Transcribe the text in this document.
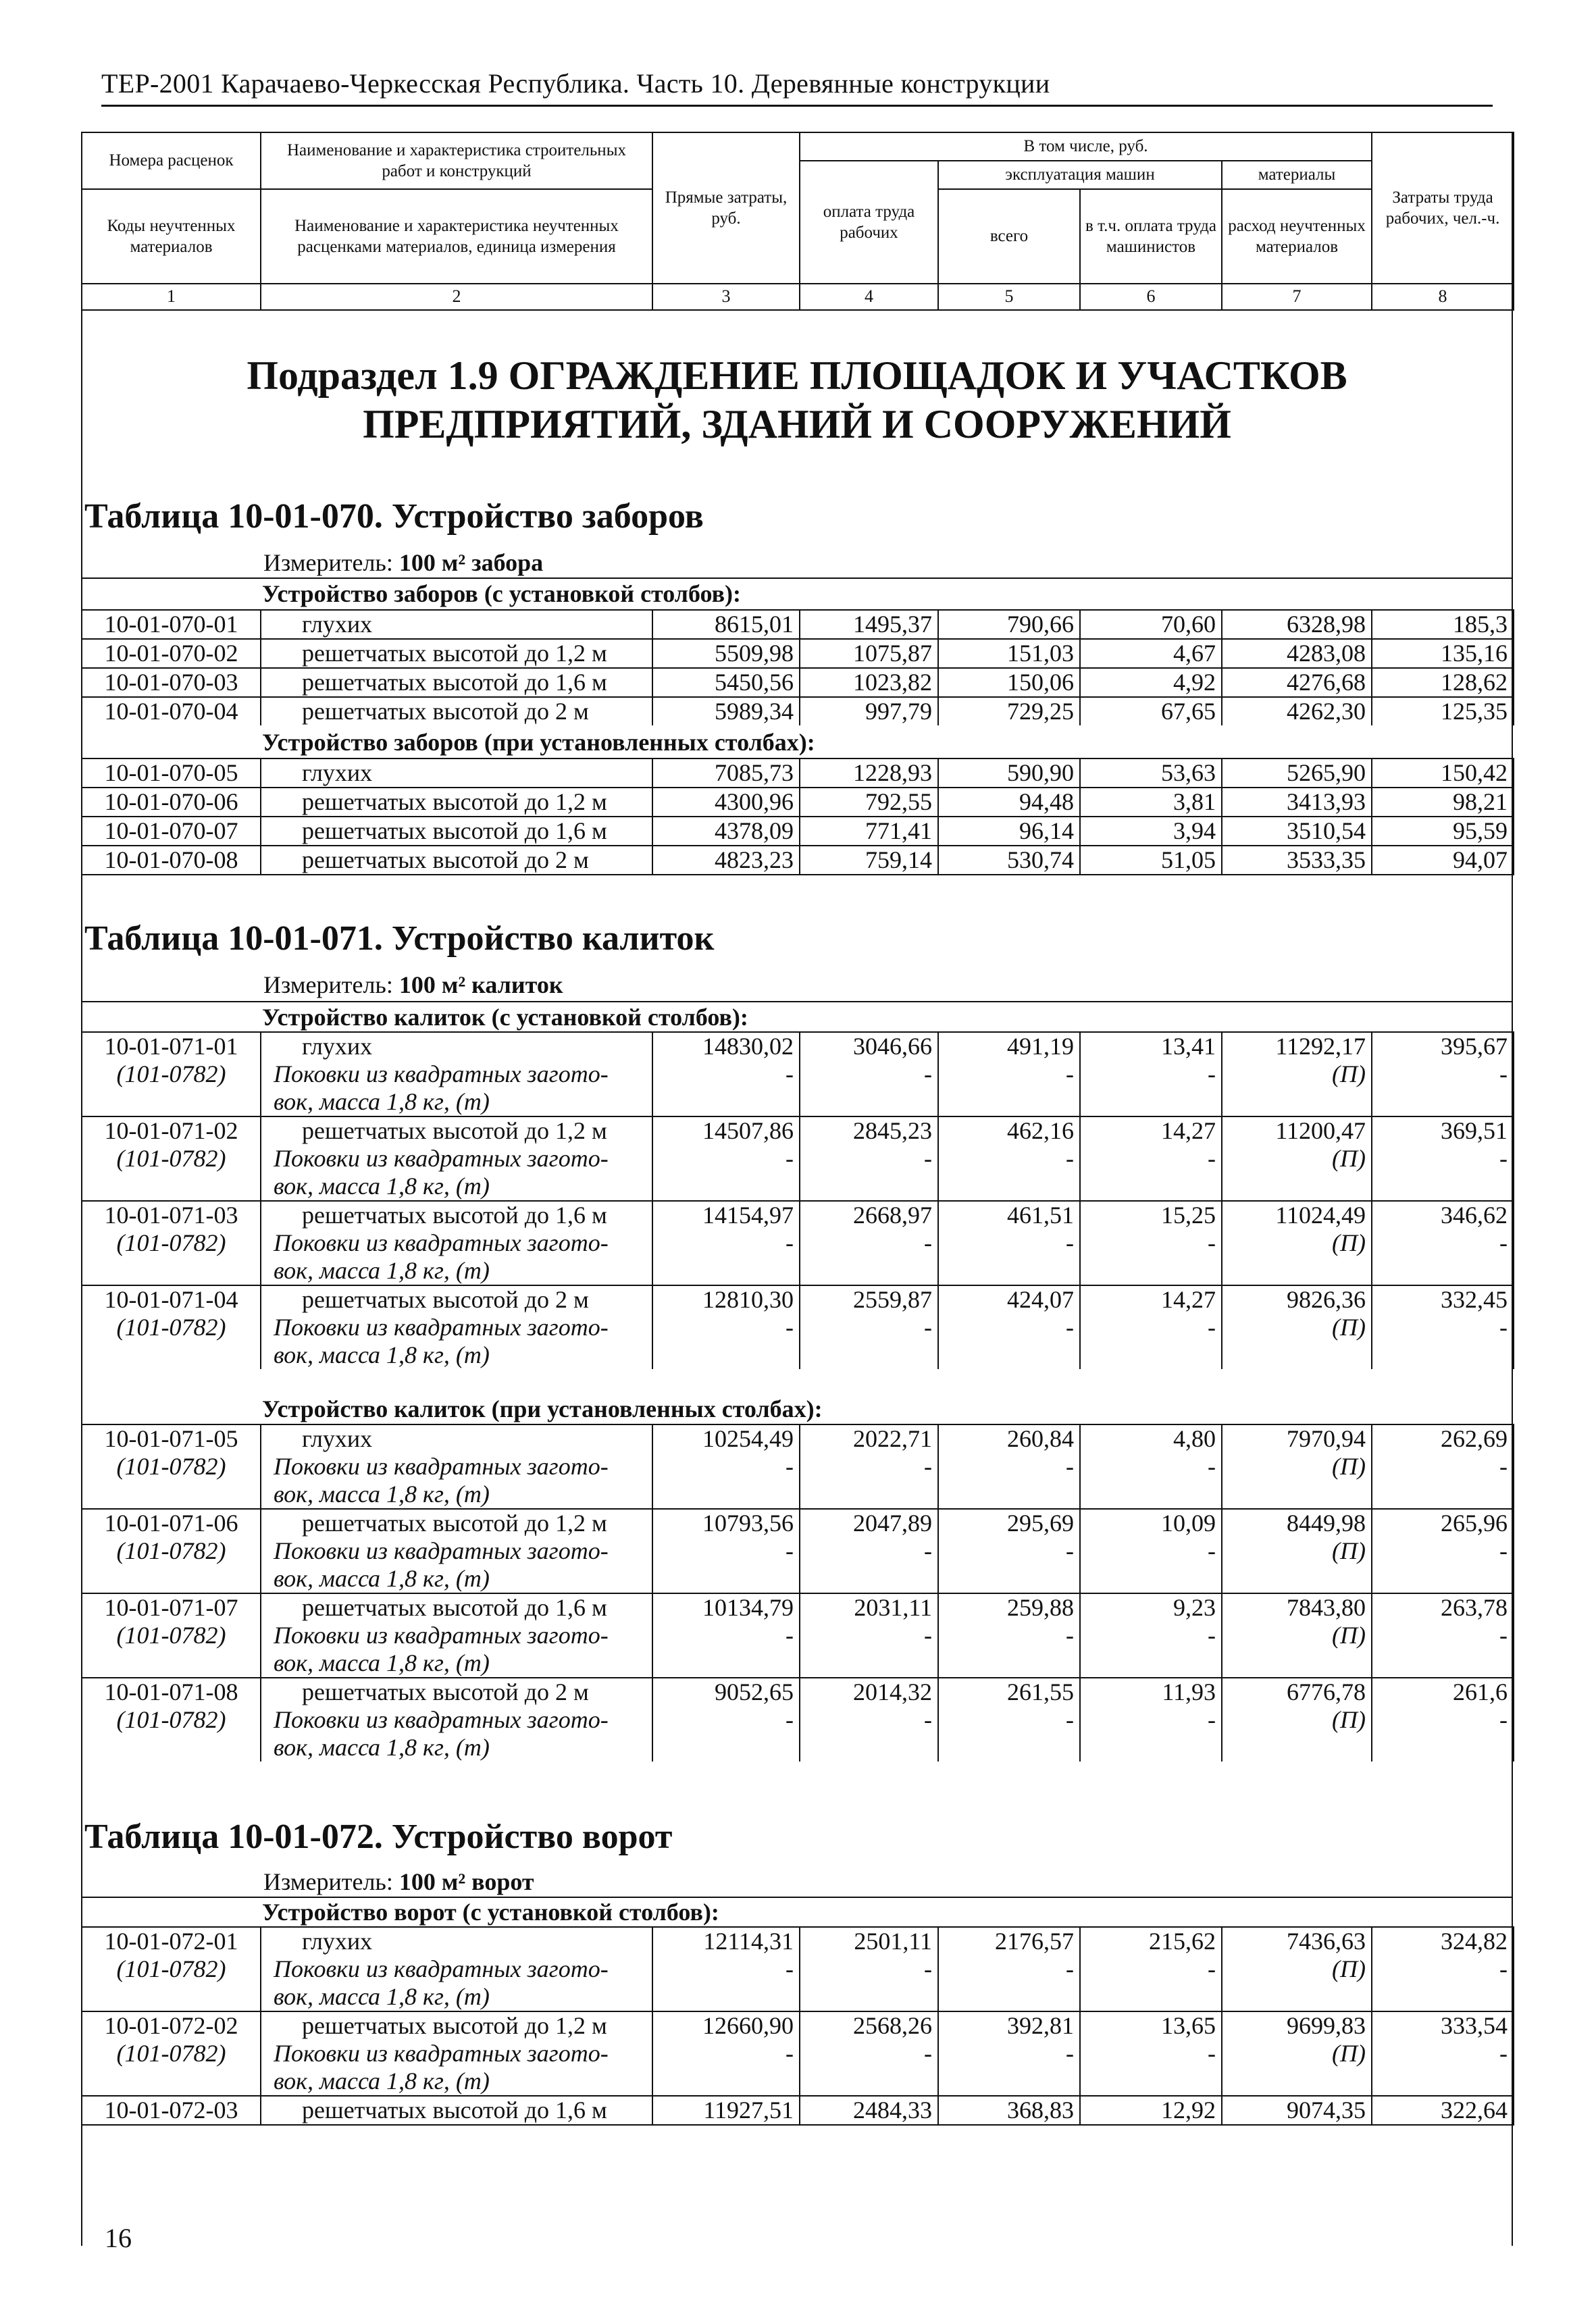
ТЕР-2001 Карачаево-Черкесская Республика. Часть 10. Деревянные конструкции
Номера расценок	Наименование и характеристика строительных работ и конструкций	Прямые затраты, руб.	В том числе, руб.				Затраты труда рабочих, чел.-ч.
			оплата труда рабочих	эксплуатация машин		материалы	
Коды неучтенных материалов	Наименование и характеристика неучтенных расценками материалов, единица измерения			всего	в т.ч. оплата труда машинистов	расход неучтенных материалов	

1	2	3	4	5	6	7	8
Подраздел 1.9 ОГРАЖДЕНИЕ ПЛОЩАДОК И УЧАСТКОВ ПРЕДПРИЯТИЙ, ЗДАНИЙ И СООРУЖЕНИЙ
Таблица 10-01-070. Устройство заборов
Измеритель: 100 м² забора
Устройство заборов (с установкой столбов):
10-01-070-01	глухих	8615,01	1495,37	790,66	70,60	6328,98	185,3
10-01-070-02	решетчатых высотой до 1,2 м	5509,98	1075,87	151,03	4,67	4283,08	135,16
10-01-070-03	решетчатых высотой до 1,6 м	5450,56	1023,82	150,06	4,92	4276,68	128,62
10-01-070-04	решетчатых высотой до 2 м	5989,34	997,79	729,25	67,65	4262,30	125,35
Устройство заборов (при установленных столбах):
10-01-070-05	глухих	7085,73	1228,93	590,90	53,63	5265,90	150,42
10-01-070-06	решетчатых высотой до 1,2 м	4300,96	792,55	94,48	3,81	3413,93	98,21
10-01-070-07	решетчатых высотой до 1,6 м	4378,09	771,41	96,14	3,94	3510,54	95,59
10-01-070-08	решетчатых высотой до 2 м	4823,23	759,14	530,74	51,05	3533,35	94,07
Таблица 10-01-071. Устройство калиток
Измеритель: 100 м² калиток
Устройство калиток (с установкой столбов):
10-01-071-01	глухих	14830,02	3046,66	491,19	13,41	11292,17	395,67
(101-0782)	Поковки из квадратных загото-	-	-	-	-	(П)	-
	вок, масса 1,8 кг, (т)						
10-01-071-02	решетчатых высотой до 1,2 м	14507,86	2845,23	462,16	14,27	11200,47	369,51
(101-0782)	Поковки из квадратных загото-	-	-	-	-	(П)	-
	вок, масса 1,8 кг, (т)						
10-01-071-03	решетчатых высотой до 1,6 м	14154,97	2668,97	461,51	15,25	11024,49	346,62
(101-0782)	Поковки из квадратных загото-	-	-	-	-	(П)	-
	вок, масса 1,8 кг, (т)						
10-01-071-04	решетчатых высотой до 2 м	12810,30	2559,87	424,07	14,27	9826,36	332,45
(101-0782)	Поковки из квадратных загото-	-	-	-	-	(П)	-
	вок, масса 1,8 кг, (т)						
Устройство калиток (при установленных столбах):
10-01-071-05	глухих	10254,49	2022,71	260,84	4,80	7970,94	262,69
(101-0782)	Поковки из квадратных загото-	-	-	-	-	(П)	-
	вок, масса 1,8 кг, (т)						
10-01-071-06	решетчатых высотой до 1,2 м	10793,56	2047,89	295,69	10,09	8449,98	265,96
(101-0782)	Поковки из квадратных загото-	-	-	-	-	(П)	-
	вок, масса 1,8 кг, (т)						
10-01-071-07	решетчатых высотой до 1,6 м	10134,79	2031,11	259,88	9,23	7843,80	263,78
(101-0782)	Поковки из квадратных загото-	-	-	-	-	(П)	-
	вок, масса 1,8 кг, (т)						
10-01-071-08	решетчатых высотой до 2 м	9052,65	2014,32	261,55	11,93	6776,78	261,6
(101-0782)	Поковки из квадратных загото-	-	-	-	-	(П)	-
	вок, масса 1,8 кг, (т)						
Таблица 10-01-072. Устройство ворот
Измеритель: 100 м² ворот
Устройство ворот (с установкой столбов):
10-01-072-01	глухих	12114,31	2501,11	2176,57	215,62	7436,63	324,82
(101-0782)	Поковки из квадратных загото-	-	-	-	-	(П)	-
	вок, масса 1,8 кг, (т)						
10-01-072-02	решетчатых высотой до 1,2 м	12660,90	2568,26	392,81	13,65	9699,83	333,54
(101-0782)	Поковки из квадратных загото-	-	-	-	-	(П)	-
	вок, масса 1,8 кг, (т)						
10-01-072-03	решетчатых высотой до 1,6 м	11927,51	2484,33	368,83	12,92	9074,35	322,64
16
